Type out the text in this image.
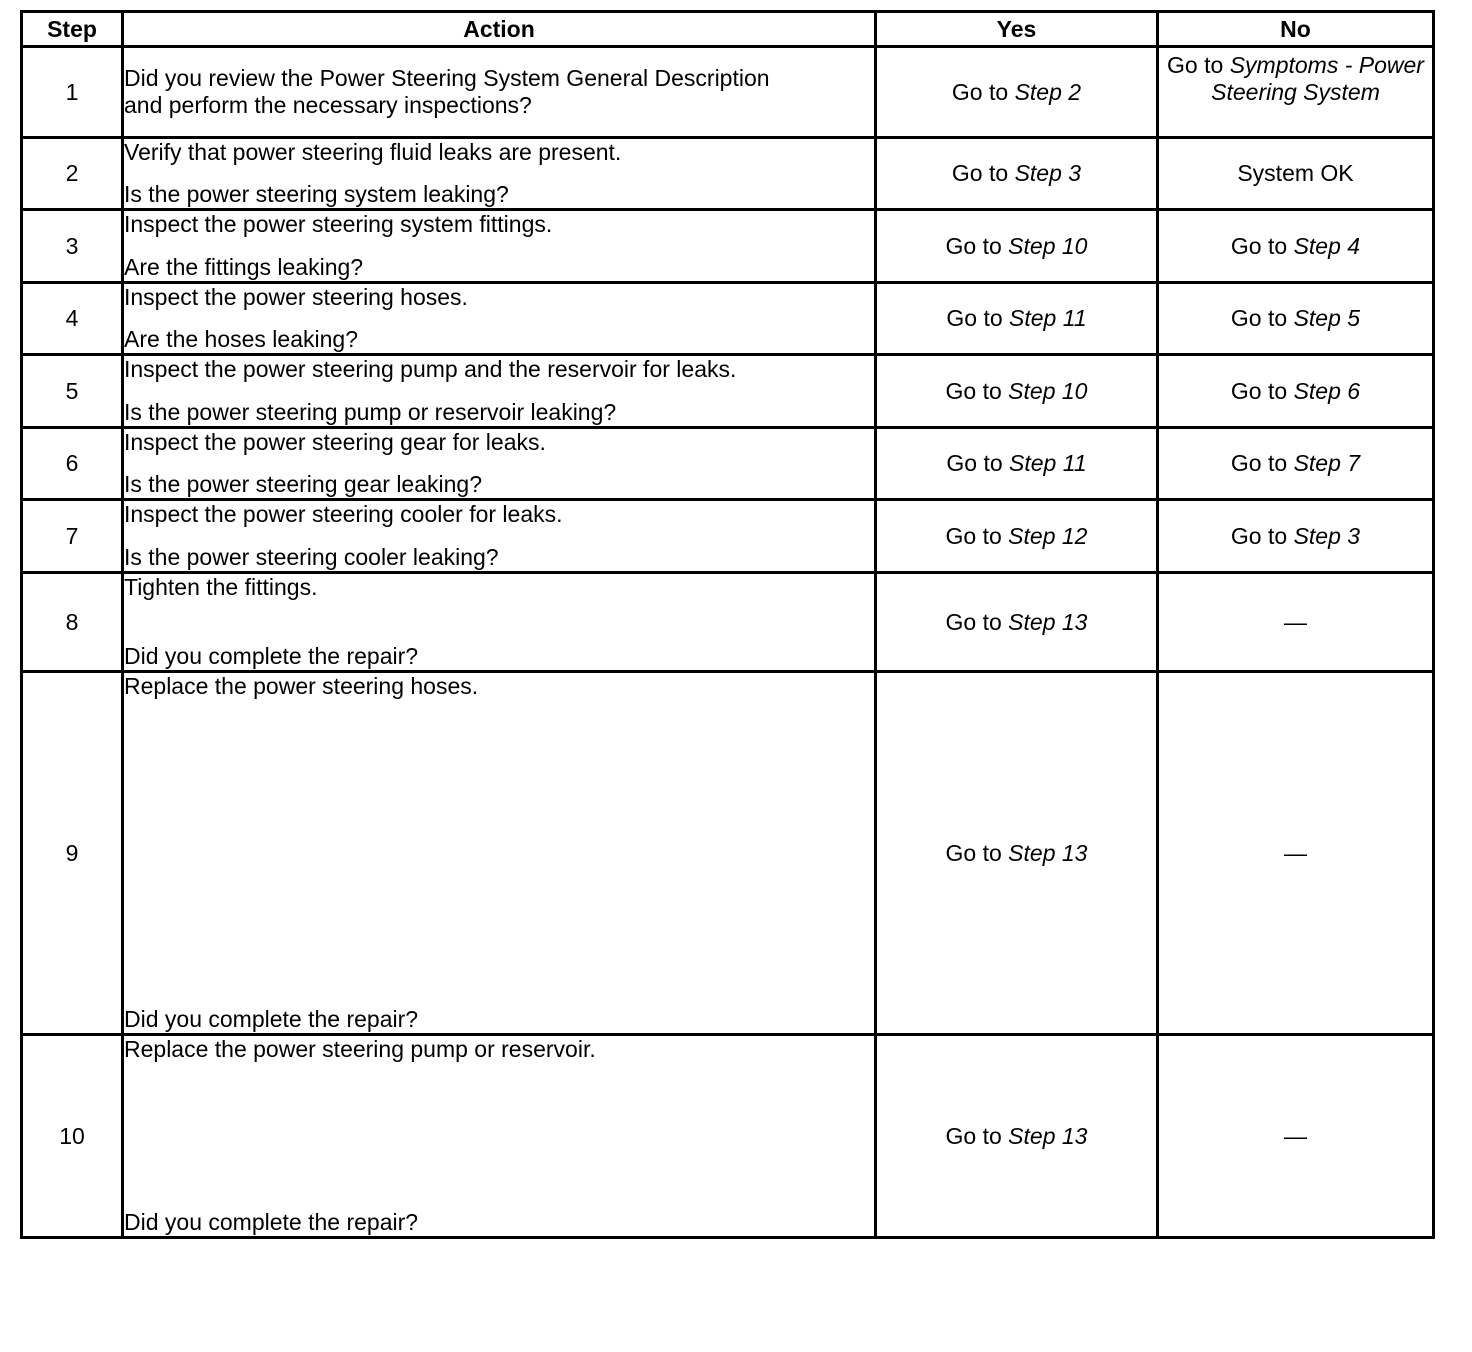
Step	Action	Yes	No
1	Did you review the Power Steering System General Description
and perform the necessary inspections?	Go to Step 2	Go to Symptoms - Power Steering System
2	Verify that power steering fluid leaks are present.
Is the power steering system leaking?	Go to Step 3	System OK
3	Inspect the power steering system fittings.
Are the fittings leaking?	Go to Step 10	Go to Step 4
4	Inspect the power steering hoses.
Are the hoses leaking?	Go to Step 11	Go to Step 5
5	Inspect the power steering pump and the reservoir for leaks.
Is the power steering pump or reservoir leaking?	Go to Step 10	Go to Step 6
6	Inspect the power steering gear for leaks.
Is the power steering gear leaking?	Go to Step 11	Go to Step 7
7	Inspect the power steering cooler for leaks.
Is the power steering cooler leaking?	Go to Step 12	Go to Step 3
8	Tighten the fittings.
Did you complete the repair?	Go to Step 13	—
9	Replace the power steering hoses.
Did you complete the repair?	Go to Step 13	—
10	Replace the power steering pump or reservoir.
Did you complete the repair?	Go to Step 13	—
